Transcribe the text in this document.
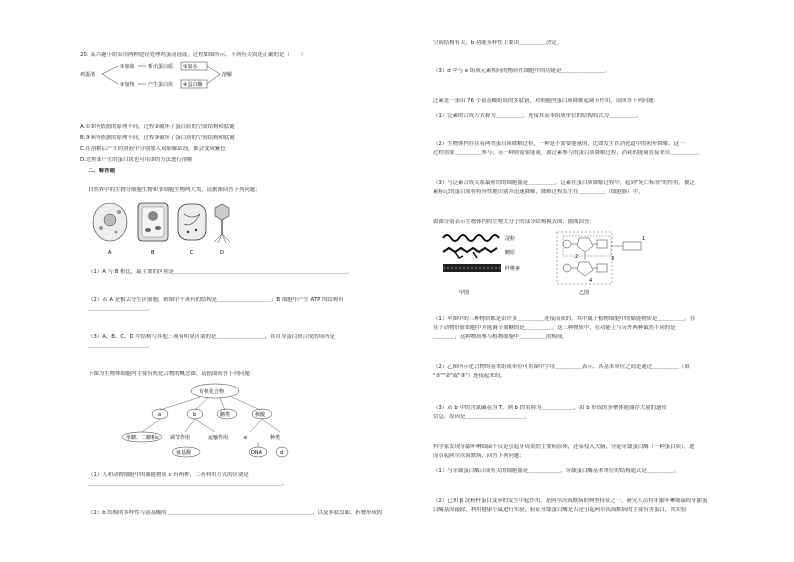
20. 某兴趣小组采用两种途径处理鸡蛋清溶液，过程如图所示。下列有关叙述正确的是（　　）
鸡蛋清
①加盐
②加热
析出蛋白质
产生蛋白块
③加水
④蛋白酶
溶解
A.①②所依据的原理不同，过程②破坏了蛋白质的空间结构和肽键
B.③④所依据的原理不同，过程③破坏了蛋白质的空间结构和肽键
C.在溶解后产生的溶液中分别加入双缩脲试剂，都会变成紫色
D.过程②产生的蛋白块也可用③的方法进行溶解
二、解答题
自然界中的生物分细胞生物和非细胞生物两大类，请据图回答下列问题：
A	B	C	D
（1）A 与 B 相比，最主要的区别是＿＿＿＿＿＿＿＿＿＿＿＿＿＿＿＿＿＿＿＿＿＿＿＿＿＿＿＿＿＿＿＿。
（2）若 A 是根尖分生区细胞，则图中不该有的结构是＿＿＿＿＿＿＿＿＿＿；B 细胞中产生 ATP 的结构有
＿＿＿＿＿＿＿＿＿＿＿。
（3）A、B、C、D 中结构与其他三项有明显区别的是＿＿＿＿＿＿＿＿＿，其自身蛋白质合成的场所是
＿＿＿＿＿＿＿＿＿＿＿。
下图为生物体细胞内主要有机化合物的概念图，请据图回答下列问题：
有机化合物
a	b	糖类	核酸
单糖、二糖和c 调节作用	运输作用	e	种类
氨基酸	DNA	d
（1）人和动物细胞中的储能物质 c 有两种，二者利用方式的区别是
＿＿＿＿＿＿＿＿＿＿＿＿＿＿＿＿＿＿＿＿＿＿＿＿＿＿＿＿＿＿＿＿＿＿＿＿。
（2）b 结构的多样性与氨基酸的＿＿＿＿＿＿＿＿＿＿＿＿＿＿＿＿＿＿＿＿＿＿＿＿＿＿＿，以及多肽盘曲、折叠形成的
空间结构有关，b 功能多样性主要由＿＿＿＿＿决定。
（3）d 中与 e 组成元素相同的物质在细胞中的功能是＿＿＿＿＿＿＿＿。
泛素是一条由 76 个氨基酸组成的多肽链，对细胞内蛋白质降解起调节作用。请回答下列问题：
（1）泛素的合成方式称为＿＿＿＿＿，连接其基本组成单位的结构简式为＿＿＿＿＿。
（2）生物体内存在着两类蛋白质降解过程，一种是不需要能量的，比如发生在消化道中的初步降解，这一
过程需要＿＿＿＿＿参与；另一种则需要能量，如泛素参与的蛋白质降解过程，消耗的能量直接来自＿＿＿＿＿。
（3）与泛素合成关系最密切的细胞器是＿＿＿＿＿。泛素在蛋白质降解过程中，起到"死亡标签"的作用，被泛
素标记的蛋白质将特异性地识别并迅速降解，降解过程发生在＿＿＿＿＿（细胞器）中。
如图分别表示生物体内的生物大分子的部分结构模式图，据图回答：
淀粉
糖原
纤维素
甲图
1
2	3
4
乙图
（1）甲图中的三种物质都是由许多＿＿＿＿＿连接而成的，其中属于植物细胞中的储能物质是＿＿＿＿＿。存
在于动物肝脏细胞中并能调节血糖的是＿＿＿＿＿。这三种物质中，在功能上与另外两种截然不同的是
＿＿＿＿，这种物质参与植物细胞中＿＿＿＿＿的构成。
（2）乙图所示化合物的基本组成单位可用图中字母＿＿＿＿＿表示，各基本单位之间是通过＿＿＿＿＿（填
"①""②"或"③"）连接起来的。
（3）若 b 中的含氮碱基为 T，则 b 的名称为＿＿＿＿＿＿，由 b 形成的多聚体能储存大量的遗传
信息，原因是＿＿＿＿＿＿＿＿＿＿＿。
科学家发现牙龈卟啉细菌不仅是引起牙周炎的主要病原体，还易侵入大脑，分泌牙龈蛋白酶（一种蛋白质），进
而引起阿尔茨海默病，回答下列问题：
（1）与牙龈蛋白酶合成有关的细胞器是＿＿＿＿＿＿。牙龈蛋白酶基本单位的结构通式是＿＿＿＿＿。
（2）已知 β 淀粉样蛋白变异的发生中起作用，是阿尔茨海默病的典型特征之一。研究人员将牙龈卟啉细菌的牙龈蛋
白酶基因敲除，利用健康小鼠进行实验，验证牙龈蛋白酶是否是引起阿尔茨海默病的主要有害蛋白，其实验
